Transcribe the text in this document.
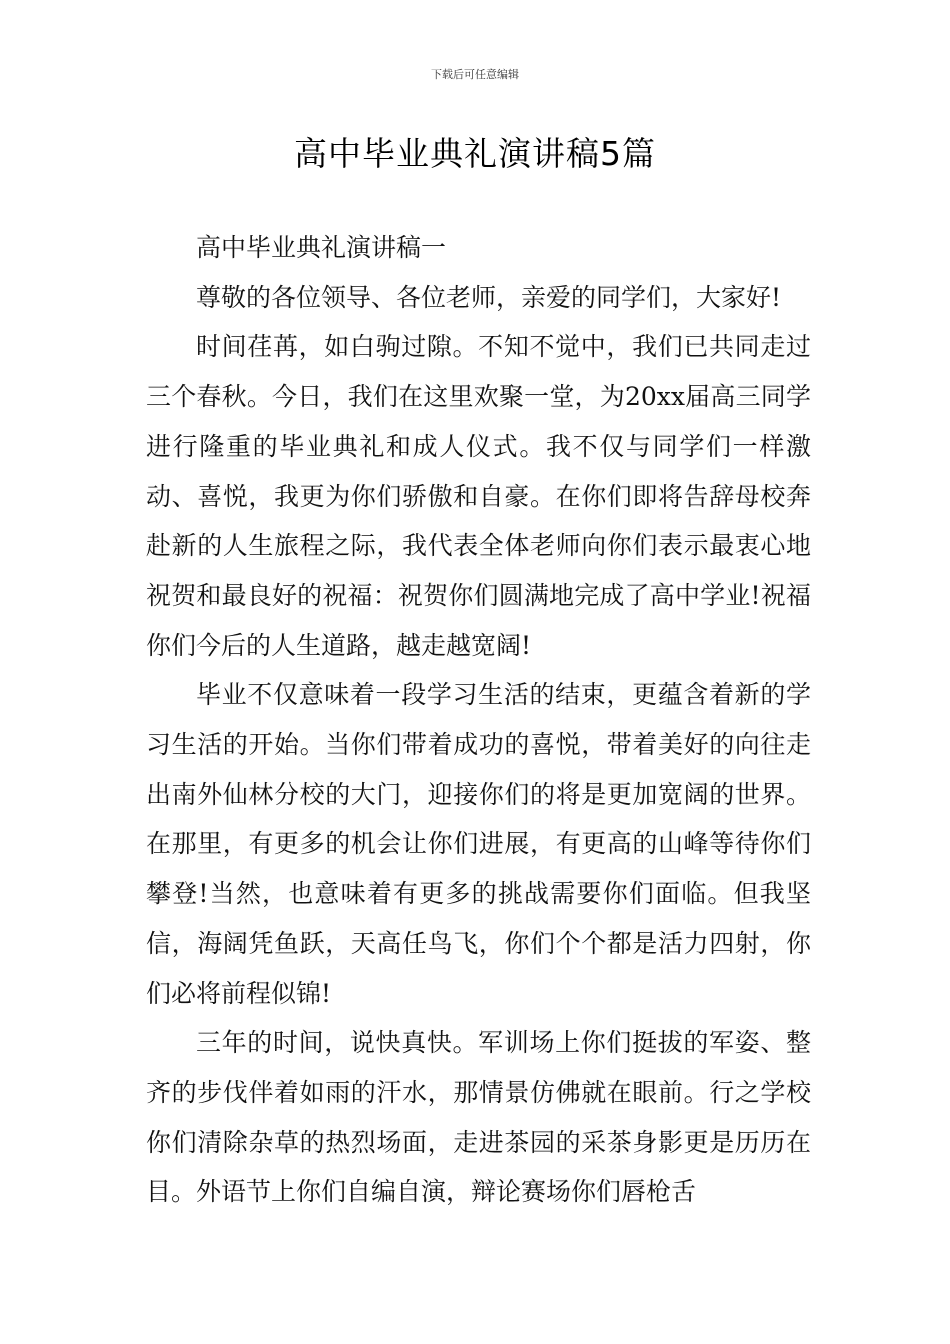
下载后可任意编辑
高中毕业典礼演讲稿5篇

高中毕业典礼演讲稿一

尊敬的各位领导、各位老师，亲爱的同学们，大家好!

时间荏苒，如白驹过隙。不知不觉中，我们已共同走过三个春秋。今日，我们在这里欢聚一堂，为20xx届高三同学进行隆重的毕业典礼和成人仪式。我不仅与同学们一样激动、喜悦，我更为你们骄傲和自豪。在你们即将告辞母校奔赴新的人生旅程之际，我代表全体老师向你们表示最衷心地祝贺和最良好的祝福：祝贺你们圆满地完成了高中学业!祝福你们今后的人生道路，越走越宽阔!

毕业不仅意味着一段学习生活的结束，更蕴含着新的学习生活的开始。当你们带着成功的喜悦，带着美好的向往走出南外仙林分校的大门，迎接你们的将是更加宽阔的世界。在那里，有更多的机会让你们进展，有更高的山峰等待你们攀登!当然，也意味着有更多的挑战需要你们面临。但我坚信，海阔凭鱼跃，天高任鸟飞，你们个个都是活力四射，你们必将前程似锦!

三年的时间，说快真快。军训场上你们挺拔的军姿、整齐的步伐伴着如雨的汗水，那情景仿佛就在眼前。行之学校你们清除杂草的热烈场面，走进茶园的采茶身影更是历历在目。外语节上你们自编自演，辩论赛场你们唇枪舌
